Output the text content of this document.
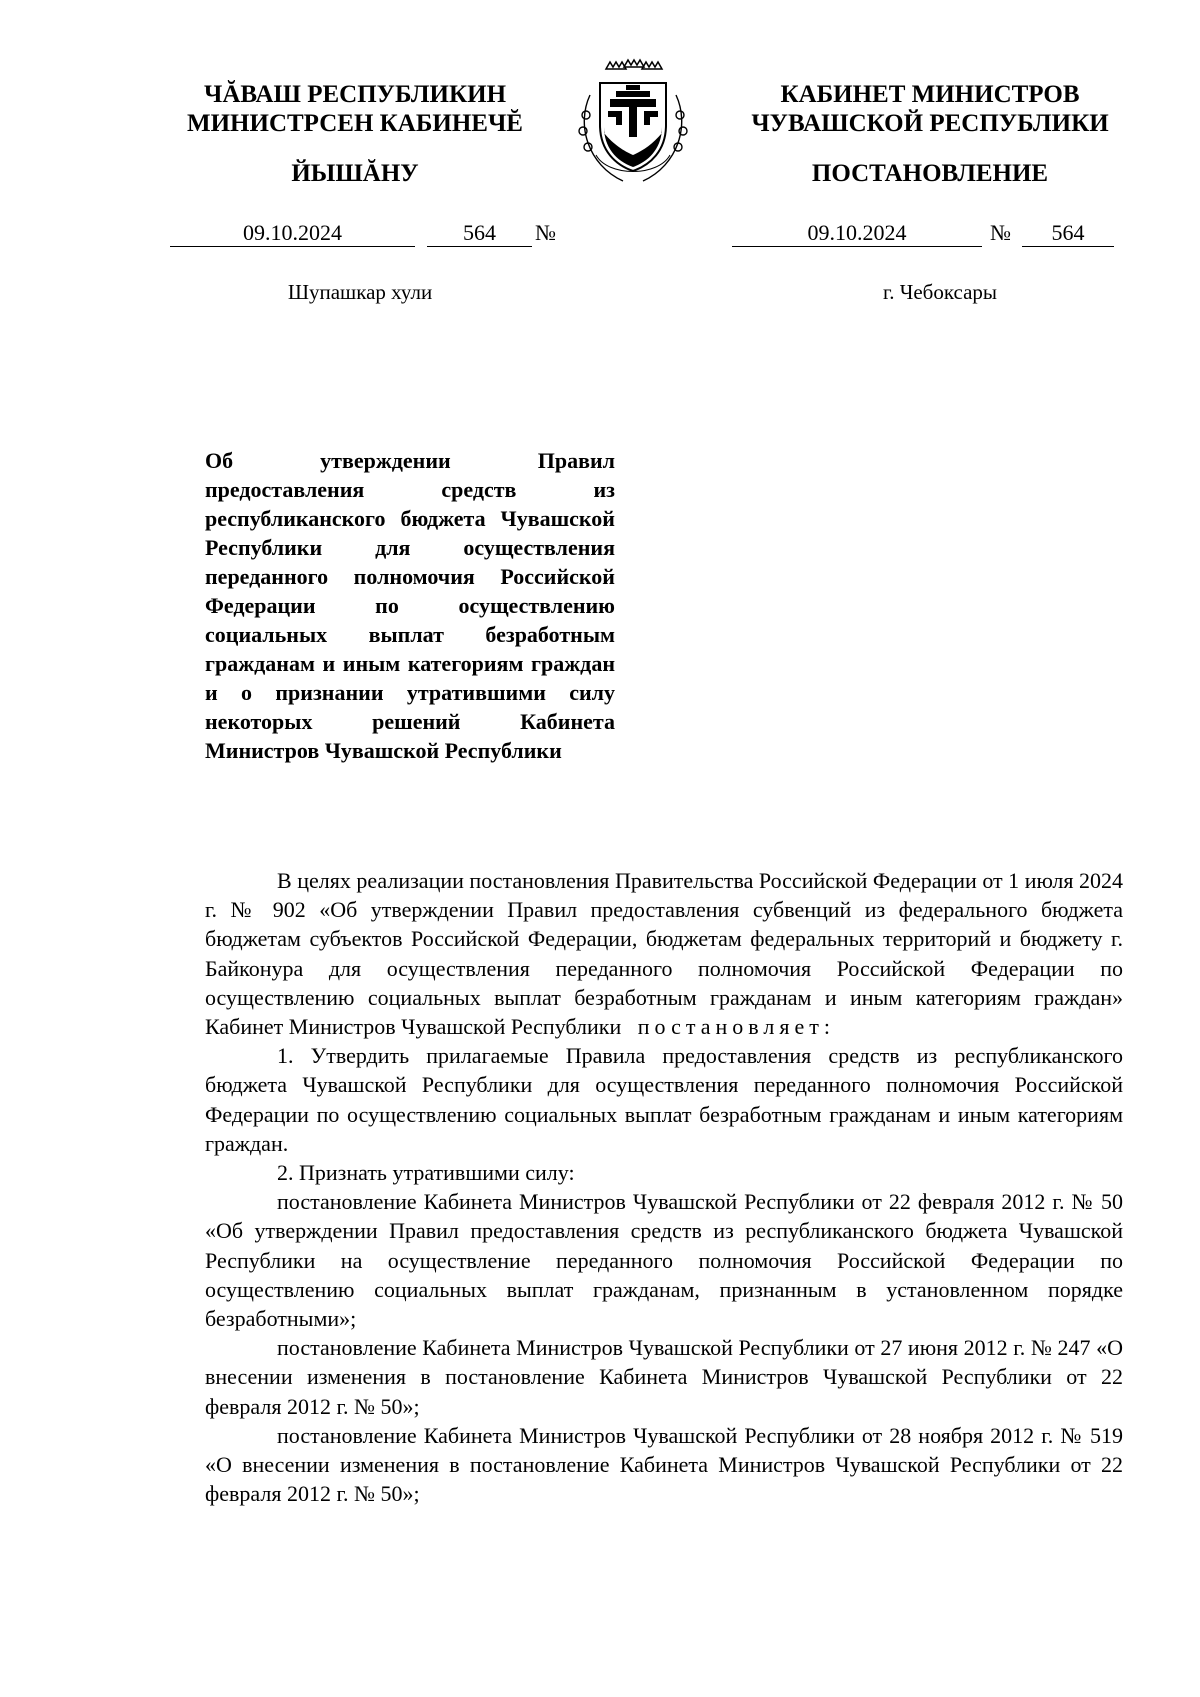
ЧĂВАШ РЕСПУБЛИКИН
МИНИСТРСЕН КАБИНЕЧĔ
ЙЫШĂНУ
КАБИНЕТ МИНИСТРОВ
ЧУВАШСКОЙ РЕСПУБЛИКИ
ПОСТАНОВЛЕНИЕ
09.10.2024	564	№	09.10.2024	№	564
Шупашкар хули	г. Чебоксары
Об утверждении Правил предоставления средств из республиканского бюджета Чувашской Республики для осуществления переданного полномочия Российской Федерации по осуществлению социальных выплат безработным гражданам и иным категориям граждан и о признании утратившими силу некоторых решений Кабинета Министров Чувашской Республики

В целях реализации постановления Правительства Российской Федерации от 1 июля 2024 г. № 902 «Об утверждении Правил предоставления субвенций из федерального бюджета бюджетам субъектов Российской Федерации, бюджетам федеральных территорий и бюджету г. Байконура для осуществления переданного полномочия Российской Федерации по осуществлению социальных выплат безработным гражданам и иным категориям граждан» Кабинет Министров Чувашской Республики постановляет:

1. Утвердить прилагаемые Правила предоставления средств из республиканского бюджета Чувашской Республики для осуществления переданного полномочия Российской Федерации по осуществлению социальных выплат безработным гражданам и иным категориям граждан.

2. Признать утратившими силу:

постановление Кабинета Министров Чувашской Республики от 22 февраля 2012 г. № 50 «Об утверждении Правил предоставления средств из республиканского бюджета Чувашской Республики на осуществление переданного полномочия Российской Федерации по осуществлению социальных выплат гражданам, признанным в установленном порядке безработными»;

постановление Кабинета Министров Чувашской Республики от 27 июня 2012 г. № 247 «О внесении изменения в постановление Кабинета Министров Чувашской Республики от 22 февраля 2012 г. № 50»;

постановление Кабинета Министров Чувашской Республики от 28 ноября 2012 г. № 519 «О внесении изменения в постановление Кабинета Министров Чувашской Республики от 22 февраля 2012 г. № 50»;
